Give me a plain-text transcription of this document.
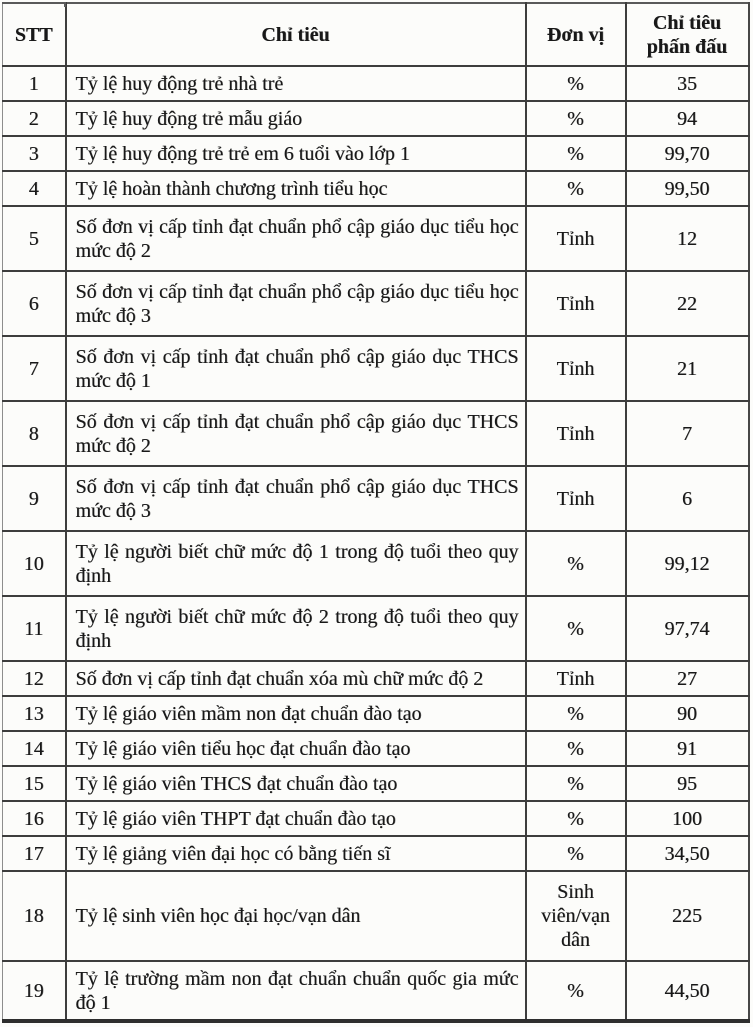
STT	Chỉ tiêu	Đơn vị	Chỉ tiêu phấn đấu
1	Tỷ lệ huy động trẻ nhà trẻ	%	35
2	Tỷ lệ huy động trẻ mẫu giáo	%	94
3	Tỷ lệ huy động trẻ trẻ em 6 tuổi vào lớp 1	%	99,70
4	Tỷ lệ hoàn thành chương trình tiểu học	%	99,50
5	Số đơn vị cấp tỉnh đạt chuẩn phổ cập giáo dục tiểu học mức độ 2	Tỉnh	12
6	Số đơn vị cấp tỉnh đạt chuẩn phổ cập giáo dục tiểu học mức độ 3	Tỉnh	22
7	Số đơn vị cấp tỉnh đạt chuẩn phổ cập giáo dục THCS mức độ 1	Tỉnh	21
8	Số đơn vị cấp tỉnh đạt chuẩn phổ cập giáo dục THCS mức độ 2	Tỉnh	7
9	Số đơn vị cấp tỉnh đạt chuẩn phổ cập giáo dục THCS mức độ 3	Tỉnh	6
10	Tỷ lệ người biết chữ mức độ 1 trong độ tuổi theo quy định	%	99,12
11	Tỷ lệ người biết chữ mức độ 2 trong độ tuổi theo quy định	%	97,74
12	Số đơn vị cấp tỉnh đạt chuẩn xóa mù chữ mức độ 2	Tỉnh	27
13	Tỷ lệ giáo viên mầm non đạt chuẩn đào tạo	%	90
14	Tỷ lệ giáo viên tiểu học đạt chuẩn đào tạo	%	91
15	Tỷ lệ giáo viên THCS đạt chuẩn đào tạo	%	95
16	Tỷ lệ giáo viên THPT đạt chuẩn đào tạo	%	100
17	Tỷ lệ giảng viên đại học có bằng tiến sĩ	%	34,50
18	Tỷ lệ sinh viên học đại học/vạn dân	Sinh viên/vạn dân	225
19	Tỷ lệ trường mầm non đạt chuẩn chuẩn quốc gia mức độ 1	%	44,50
